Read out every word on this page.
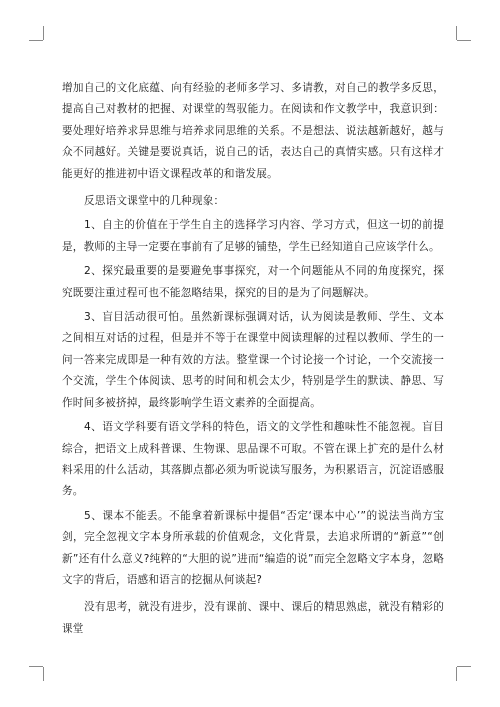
增加自己的文化底蕴、向有经验的老师多学习、多请教，对自己的教学多反思，提高自己对教材的把握、对课堂的驾驭能力。在阅读和作文教学中，我意识到：要处理好培养求异思维与培养求同思维的关系。不是想法、说法越新越好，越与众不同越好。关键是要说真话，说自己的话，表达自己的真情实感。只有这样才能更好的推进初中语文课程改革的和谐发展。

反思语文课堂中的几种现象：

1、自主的价值在于学生自主的选择学习内容、学习方式，但这一切的前提是，教师的主导一定要在事前有了足够的铺垫，学生已经知道自己应该学什么。

2、探究最重要的是要避免事事探究，对一个问题能从不同的角度探究，探究既要注重过程可也不能忽略结果，探究的目的是为了问题解决。

3、盲目活动很可怕。虽然新课标强调对话，认为阅读是教师、学生、文本之间相互对话的过程，但是并不等于在课堂中阅读理解的过程以教师、学生的一问一答来完成即是一种有效的方法。整堂课一个讨论接一个讨论，一个交流接一个交流，学生个体阅读、思考的时间和机会太少，特别是学生的默读、静思、写作时间多被挤掉，最终影响学生语文素养的全面提高。

4、语文学科要有语文学科的特色，语文的文学性和趣味性不能忽视。盲目综合，把语文上成科普课、生物课、思品课不可取。不管在课上扩充的是什么材料采用的什么活动，其落脚点都必须为听说读写服务，为积累语言，沉淀语感服务。

5、课本不能丢。不能拿着新课标中提倡“否定‘课本中心’”的说法当尚方宝剑，完全忽视文字本身所承载的价值观念，文化背景，去追求所谓的“新意”“创新”还有什么意义?纯粹的“大胆的说”进而“编造的说”而完全忽略文字本身，忽略文字的背后，语感和语言的挖掘从何谈起?

没有思考，就没有进步，没有课前、课中、课后的精思熟虑，就没有精彩的课堂
